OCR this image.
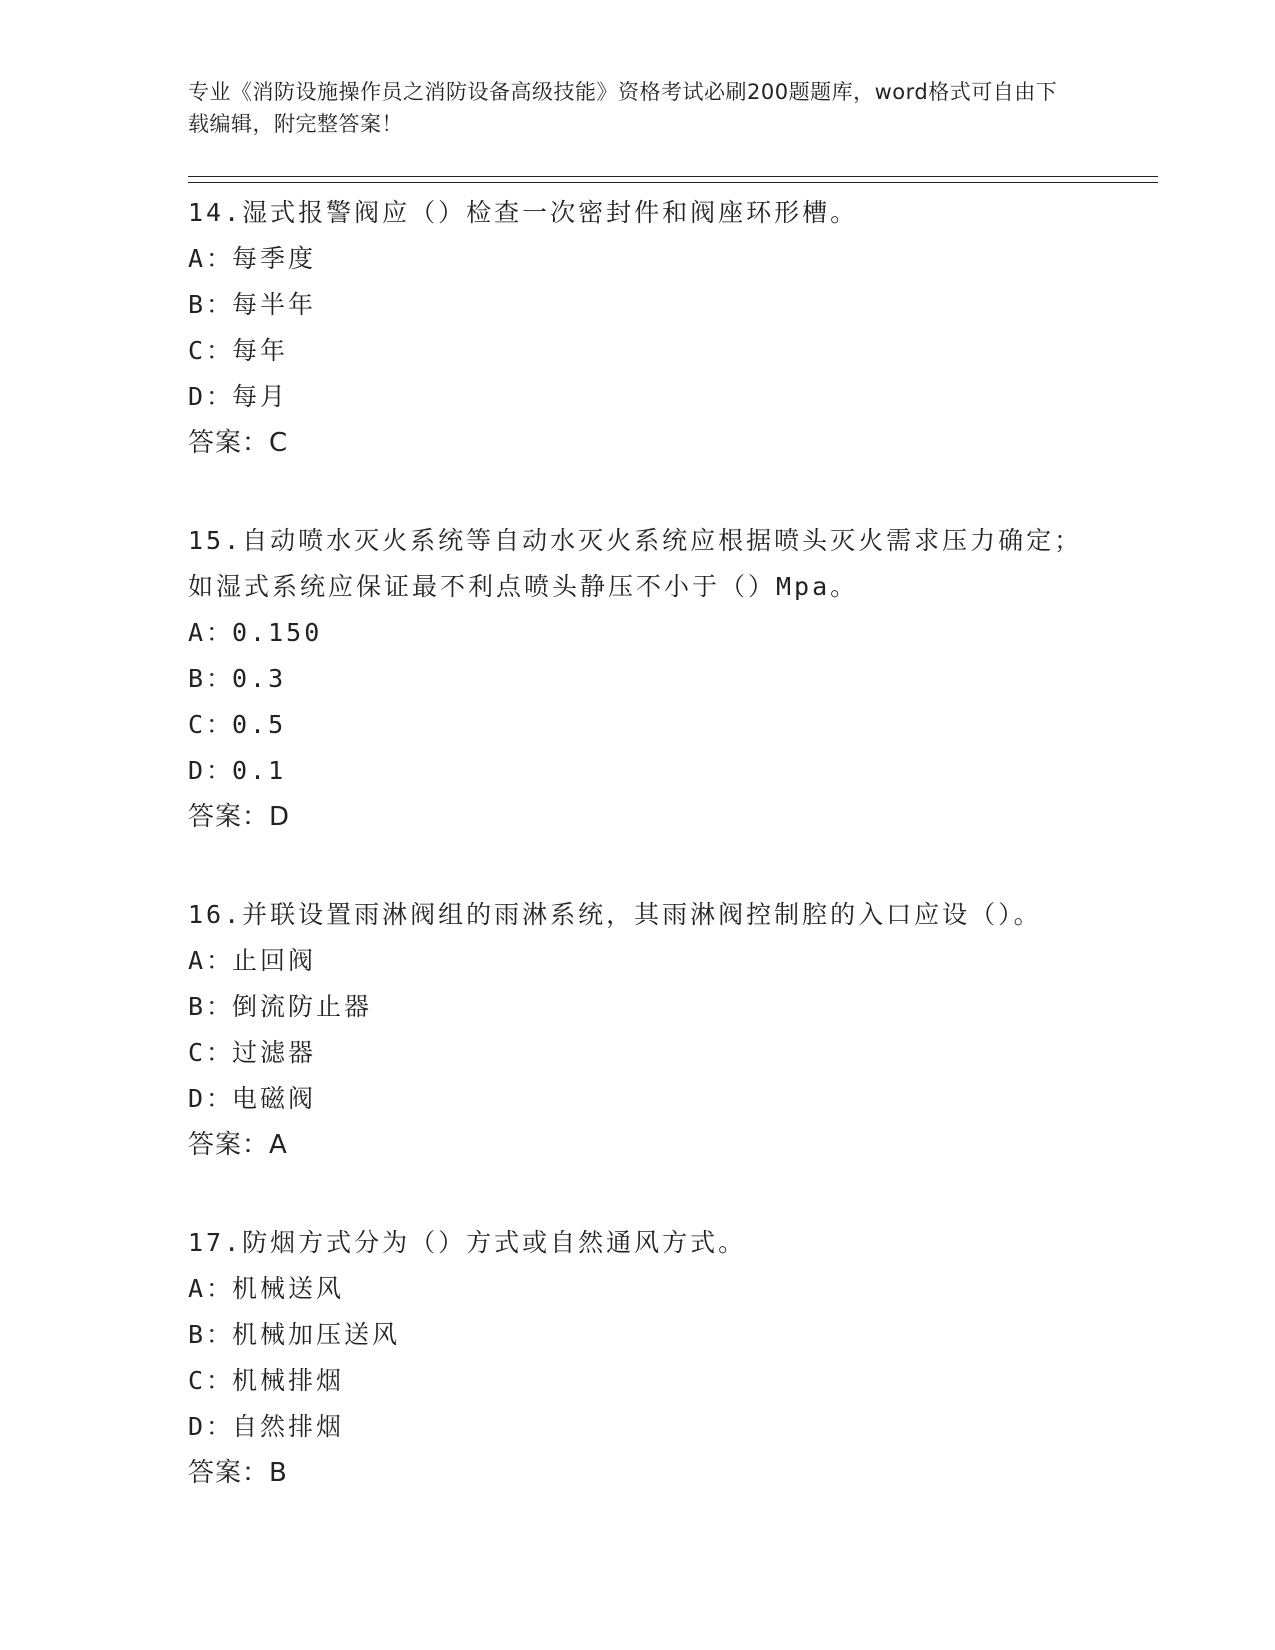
专业《消防设施操作员之消防设备高级技能》资格考试必刷200题题库，word格式可自由下载编辑，附完整答案！

14.湿式报警阀应（）检查一次密封件和阀座环形槽。

A：
每季度
B：
每半年
C：
每年
D：
每月
答案：C

15.自动喷水灭火系统等自动水灭火系统应根据喷头灭火需求压力确定；如湿式系统应保证最不利点喷头静压不小于（）Mpa。

A：
0.150
B：
0.3
C：
0.5
D：
0.1
答案：D

16.并联设置雨淋阀组的雨淋系统，其雨淋阀控制腔的入口应设（）。

A：
止回阀
B：
倒流防止器
C：
过滤器
D：
电磁阀
答案：A

17.防烟方式分为（）方式或自然通风方式。

A：
机械送风
B：
机械加压送风
C：
机械排烟
D：
自然排烟
答案：B
